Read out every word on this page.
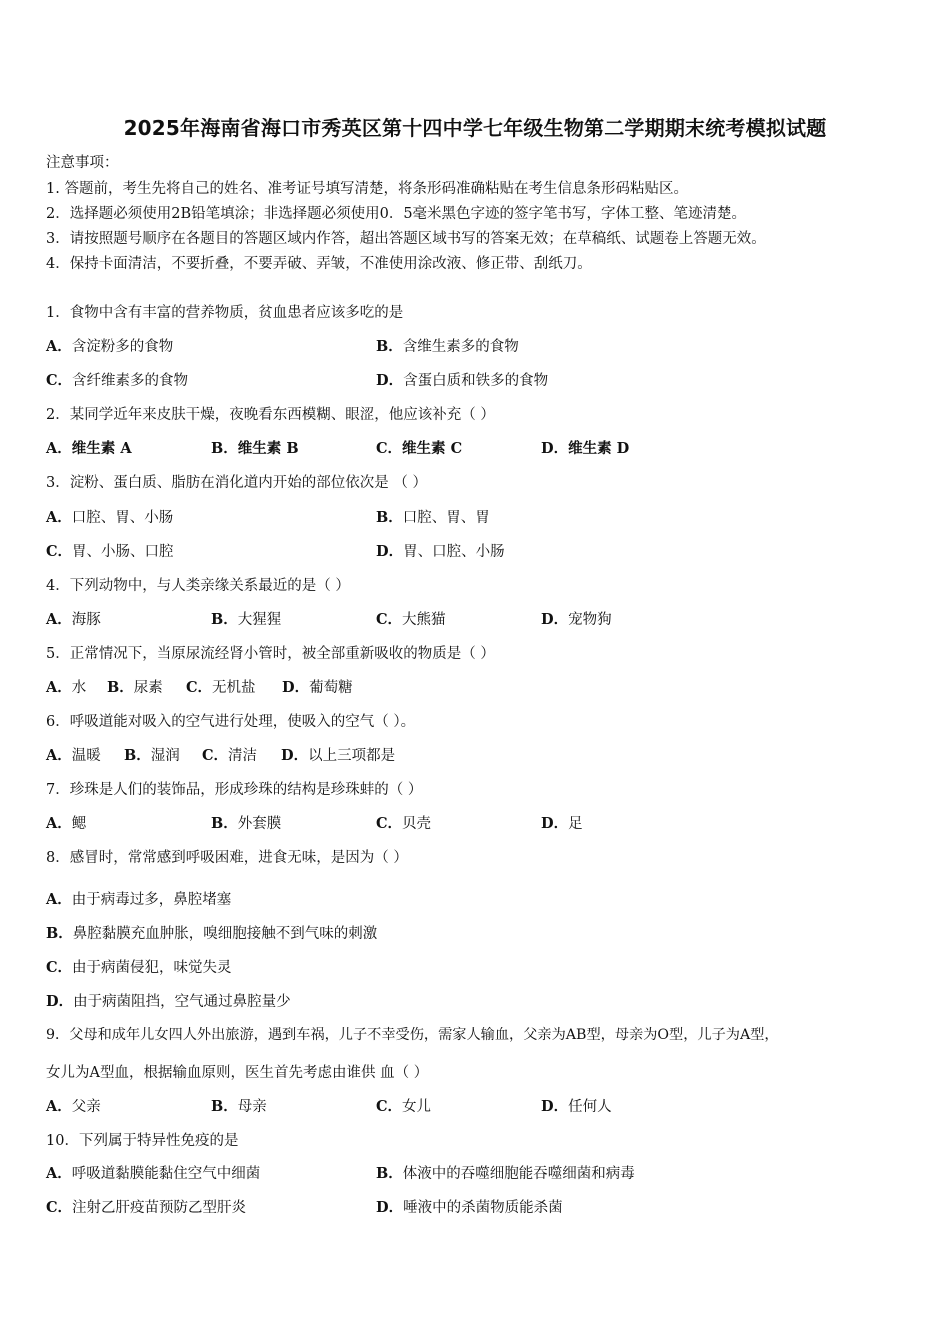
2025年海南省海口市秀英区第十四中学七年级生物第二学期期末统考模拟试题
注意事项：
1. 答题前，考生先将自己的姓名、准考证号填写清楚，将条形码准确粘贴在考生信息条形码粘贴区。
2．选择题必须使用2B铅笔填涂；非选择题必须使用0．5毫米黑色字迹的签字笔书写，字体工整、笔迹清楚。
3．请按照题号顺序在各题目的答题区域内作答，超出答题区域书写的答案无效；在草稿纸、试题卷上答题无效。
4．保持卡面清洁，不要折叠，不要弄破、弄皱，不准使用涂改液、修正带、刮纸刀。
1．食物中含有丰富的营养物质，贫血患者应该多吃的是
A．含淀粉多的食物	B．含维生素多的食物
C．含纤维素多的食物	D．含蛋白质和铁多的食物
2．某同学近年来皮肤干燥，夜晚看东西模糊、眼涩，他应该补充（ ）
A．维生素 A	B．维生素 B	C．维生素 C	D．维生素 D
3．淀粉、蛋白质、脂肪在消化道内开始的部位依次是 （ ）
A．口腔、胃、小肠	B．口腔、胃、胃
C．胃、小肠、口腔	D．胃、口腔、小肠
4．下列动物中，与人类亲缘关系最近的是（ ）
A．海豚	B．大猩猩	C．大熊猫	D．宠物狗
5．正常情况下，当原尿流经肾小管时，被全部重新吸收的物质是（ ）
A．水 B．尿素 C．无机盐 D．葡萄糖
6．呼吸道能对吸入的空气进行处理，使吸入的空气（ ）。
A．温暖 B．湿润 C．清洁 D．以上三项都是
7．珍珠是人们的装饰品，形成珍珠的结构是珍珠蚌的（ ）
A．鳃	B．外套膜	C．贝壳	D．足
8．感冒时，常常感到呼吸困难，进食无味，是因为（ ）
A．由于病毒过多，鼻腔堵塞
B．鼻腔黏膜充血肿胀，嗅细胞接触不到气味的刺激
C．由于病菌侵犯，味觉失灵
D．由于病菌阻挡，空气通过鼻腔量少
9．父母和成年儿女四人外出旅游，遇到车祸，儿子不幸受伤，需家人输血，父亲为AB型，母亲为O型，儿子为A型，
女儿为A型血，根据输血原则，医生首先考虑由谁供 血（ ）
A．父亲	B．母亲	C．女儿	D．任何人
10．下列属于特异性免疫的是
A．呼吸道黏膜能黏住空气中细菌	B．体液中的吞噬细胞能吞噬细菌和病毒
C．注射乙肝疫苗预防乙型肝炎	D．唾液中的杀菌物质能杀菌
